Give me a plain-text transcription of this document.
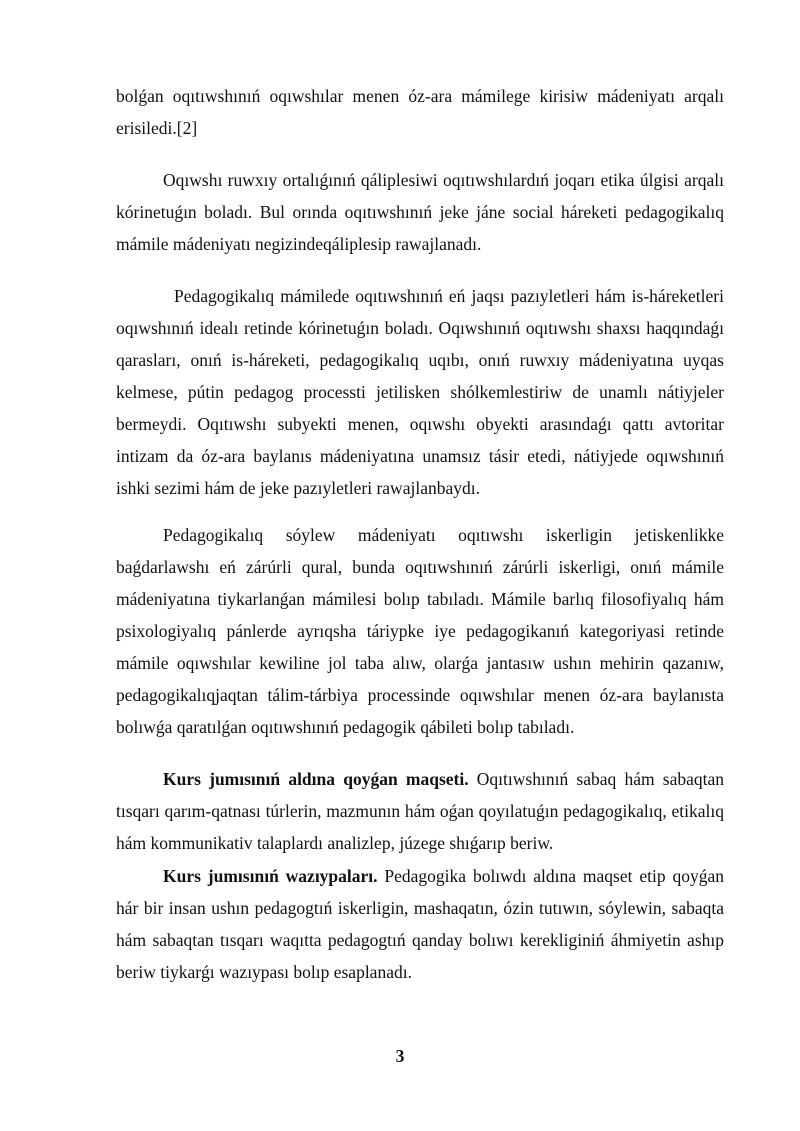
bolǵan oqıtıwshınıń oqıwshılar menen óz-ara mámilege kirisiw mádeniyatı arqalı erisiledi.[2]

Oqıwshı ruwxıy ortalıǵınıń qáliplesiwi oqıtıwshılardıń joqarı etika úlgisi arqalı kórinetuǵın boladı. Bul orında oqıtıwshınıń jeke jáne social háreketi pedagogikalıq mámile mádeniyatı negizindeqáliplesip rawajlanadı.

Pedagogikalıq mámilede oqıtıwshınıń eń jaqsı pazıyletleri hám is-háreketleri oqıwshınıń idealı retinde kórinetuǵın boladı. Oqıwshınıń oqıtıwshı shaxsı haqqındaǵı qarasları, onıń is-háreketi, pedagogikalıq uqıbı, onıń ruwxıy mádeniyatına uyqas kelmese, pútin pedagog processti jetilisken shólkemlestiriw de unamlı nátiyjeler bermeydi. Oqıtıwshı subyekti menen, oqıwshı obyekti arasındaǵı qattı avtoritar intizam da óz-ara baylanıs mádeniyatına unamsız tásir etedi, nátiyjede oqıwshınıń ishki sezimi hám de jeke pazıyletleri rawajlanbaydı.

Pedagogikalıq sóylew mádeniyatı oqıtıwshı iskerligin jetiskenlikke baǵdarlawshı eń zárúrli qural, bunda oqıtıwshınıń zárúrli iskerligi, onıń mámile mádeniyatına tiykarlanǵan mámilesi bolıp tabıladı. Mámile barlıq filosofiyalıq hám psixologiyalıq pánlerde ayrıqsha táriypke iye pedagogikanıń kategoriyasi retinde mámile oqıwshılar kewiline jol taba alıw, olarǵa jantasıw ushın mehirin qazanıw, pedagogikalıqjaqtan tálim-tárbiya processinde oqıwshılar menen óz-ara baylanısta bolıwǵa qaratılǵan oqıtıwshınıń pedagogik qábileti bolıp tabıladı.

Kurs jumısınıń aldına qoyǵan maqseti. Oqıtıwshınıń sabaq hám sabaqtan tısqarı qarım-qatnası túrlerin, mazmunın hám oǵan qoyılatuǵın pedagogikalıq, etikalıq hám kommunikativ talaplardı analizlep, júzege shıǵarıp beriw.

Kurs jumısınıń wazıypaları. Pedagogika bolıwdı aldına maqset etip qoyǵan hár bir insan ushın pedagogtıń iskerligin, mashaqatın, ózin tutıwın, sóylewin, sabaqta hám sabaqtan tısqarı waqıtta pedagogtıń qanday bolıwı kerekliginiń áhmiyetin ashıp beriw tiykarǵı wazıypası bolıp esaplanadı.

3
